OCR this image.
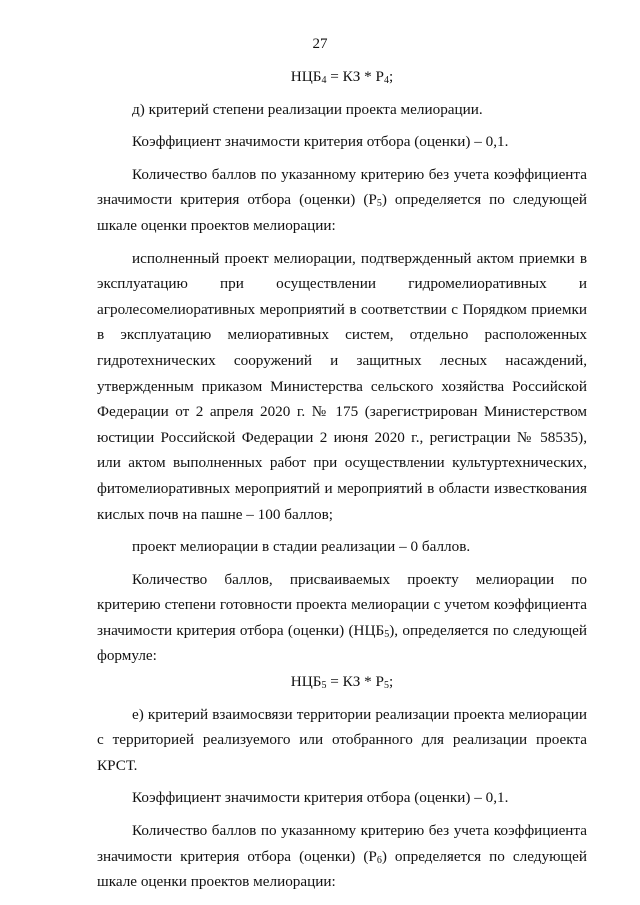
27

$НЦБ_4$ = КЗ * $Р_4$;

д) критерий степени реализации проекта мелиорации.

Коэффициент значимости критерия отбора (оценки) – 0,1.

Количество баллов по указанному критерию без учета коэффициента значимости критерия отбора (оценки) $(Р_5)$ определяется по следующей шкале оценки проектов мелиорации:

исполненный проект мелиорации, подтвержденный актом приемки в эксплуатацию при осуществлении гидромелиоративных и агролесомелиоративных мероприятий в соответствии с Порядком приемки в эксплуатацию мелиоративных систем, отдельно расположенных гидротехнических сооружений и защитных лесных насаждений, утвержденным приказом Министерства сельского хозяйства Российской Федерации от 2 апреля 2020 г. № 175 (зарегистрирован Министерством юстиции Российской Федерации 2 июня 2020 г., регистрации № 58535), или актом выполненных работ при осуществлении культуртехнических, фитомелиоративных мероприятий и мероприятий в области известкования кислых почв на пашне – 100 баллов;

проект мелиорации в стадии реализации – 0 баллов.

Количество баллов, присваиваемых проекту мелиорации по критерию степени готовности проекта мелиорации с учетом коэффициента значимости критерия отбора (оценки) $(НЦБ_5)$, определяется по следующей формуле:

$НЦБ_5$ = КЗ * $Р_5$;

е) критерий взаимосвязи территории реализации проекта мелиорации с территорией реализуемого или отобранного для реализации проекта КРСТ.

Коэффициент значимости критерия отбора (оценки) – 0,1.

Количество баллов по указанному критерию без учета коэффициента значимости критерия отбора (оценки) $(Р_6)$ определяется по следующей шкале оценки проектов мелиорации:
